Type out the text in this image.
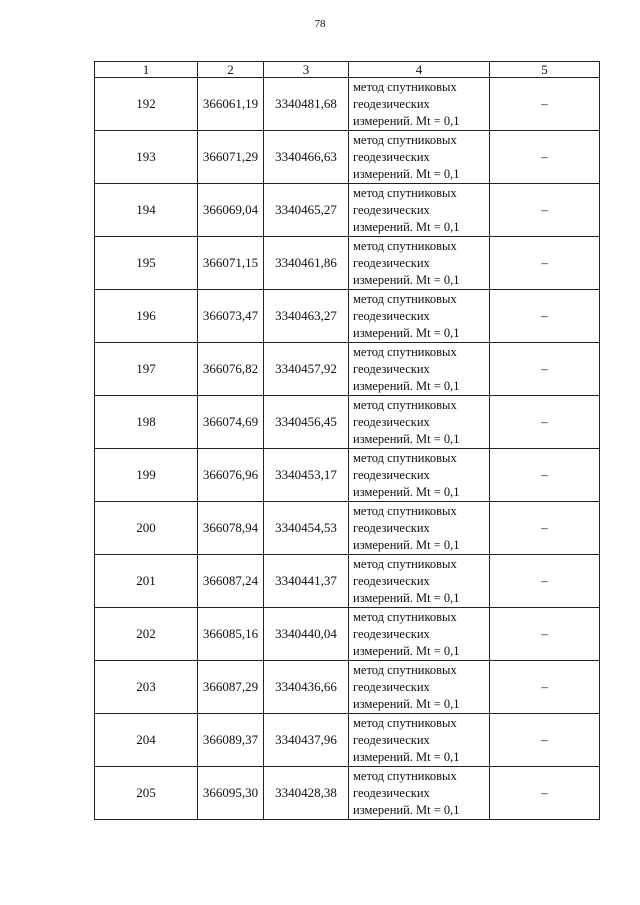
78
1	2	3	4	5
192	366061,19	3340481,68	метод спутниковых
геодезических
измерений. Mt = 0,1	–
193	366071,29	3340466,63	метод спутниковых
геодезических
измерений. Mt = 0,1	–
194	366069,04	3340465,27	метод спутниковых
геодезических
измерений. Mt = 0,1	–
195	366071,15	3340461,86	метод спутниковых
геодезических
измерений. Mt = 0,1	–
196	366073,47	3340463,27	метод спутниковых
геодезических
измерений. Mt = 0,1	–
197	366076,82	3340457,92	метод спутниковых
геодезических
измерений. Mt = 0,1	–
198	366074,69	3340456,45	метод спутниковых
геодезических
измерений. Mt = 0,1	–
199	366076,96	3340453,17	метод спутниковых
геодезических
измерений. Mt = 0,1	–
200	366078,94	3340454,53	метод спутниковых
геодезических
измерений. Mt = 0,1	–
201	366087,24	3340441,37	метод спутниковых
геодезических
измерений. Mt = 0,1	–
202	366085,16	3340440,04	метод спутниковых
геодезических
измерений. Mt = 0,1	–
203	366087,29	3340436,66	метод спутниковых
геодезических
измерений. Mt = 0,1	–
204	366089,37	3340437,96	метод спутниковых
геодезических
измерений. Mt = 0,1	–
205	366095,30	3340428,38	метод спутниковых
геодезических
измерений. Mt = 0,1	–
